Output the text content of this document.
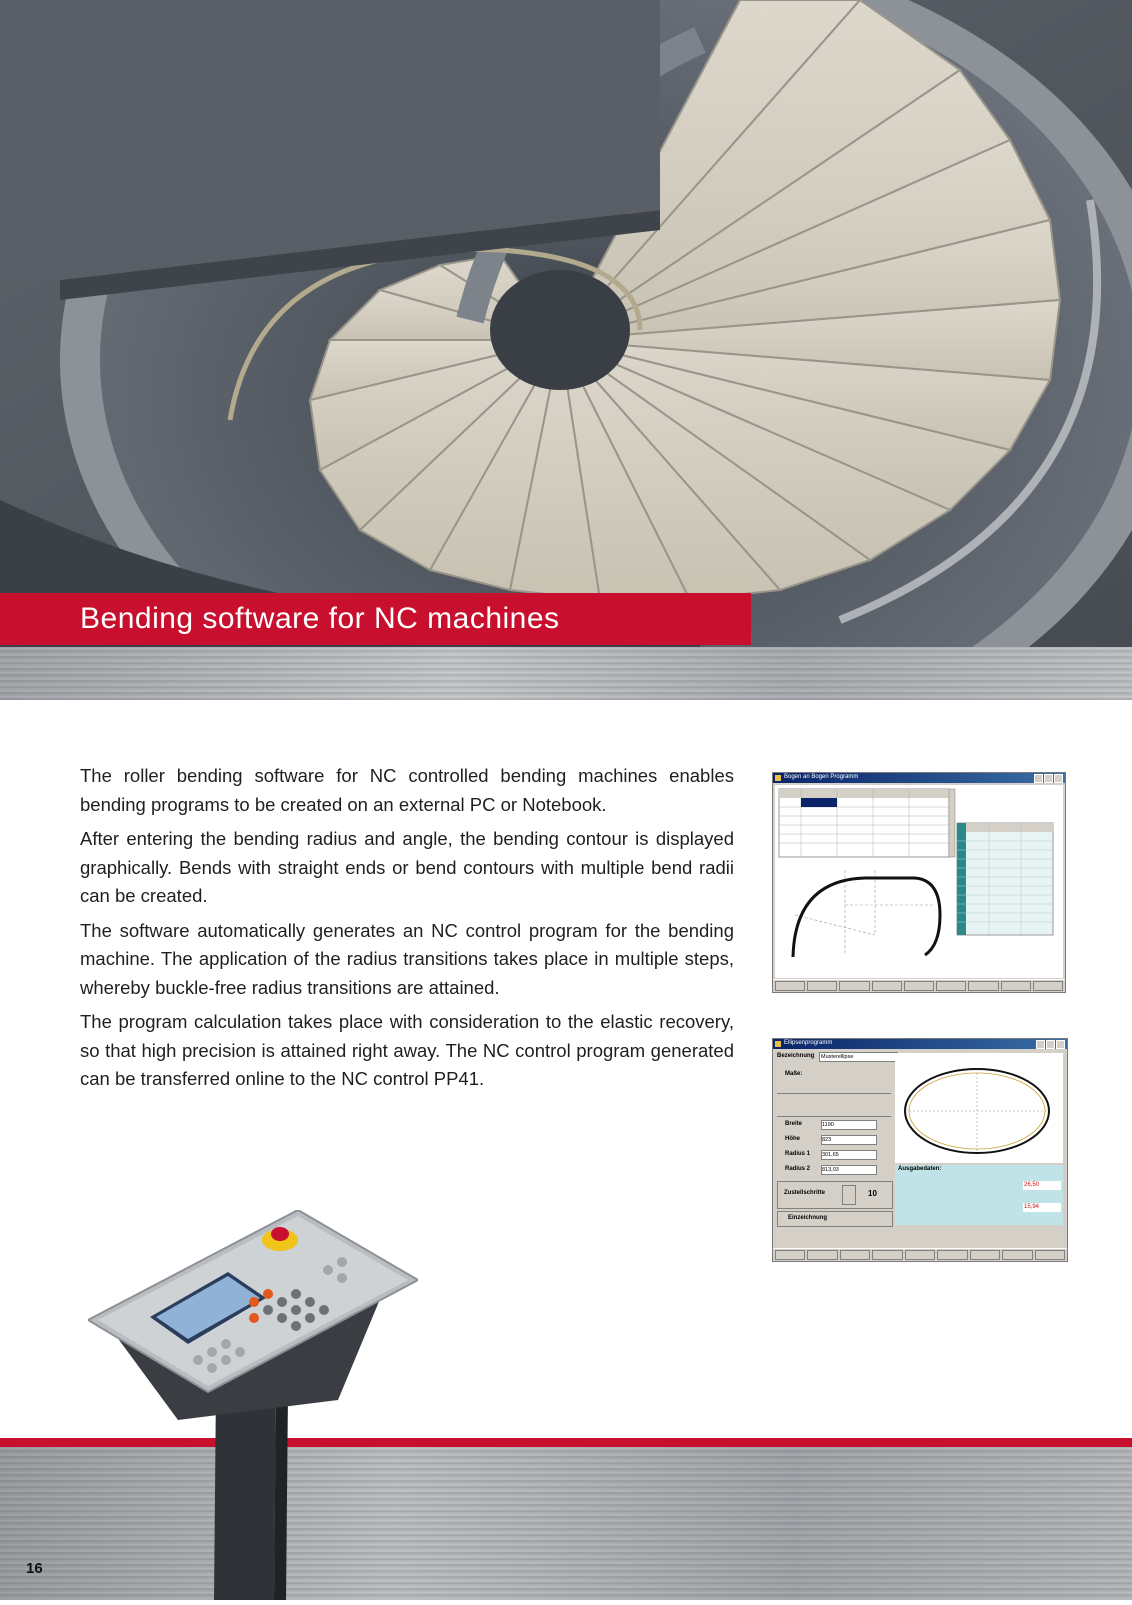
Bending software for NC machines

The roller bending software for NC controlled bending machines enables bending programs to be created on an external PC or Notebook.

After entering the bending radius and angle, the bending contour is displayed graphically. Bends with straight ends or bend contours with multiple bend radii can be created.

The software automatically generates an NC control program for the bending machine. The application of the radius transitions takes place in multiple steps, whereby buckle-free radius transitions are attained.

The program calculation takes place with consideration to the elastic recovery, so that high precision is attained right away. The NC control program generated can be transferred online to the NC control PP41.

Bogen an Bogen Programm
Ellipsenprogramm
Bezeichnung	Musterellipse
Maße:
Breite	1190
Höhe	823
Radius 1 301,65
Radius 2 813,03
Zustellschritte	10
Einzeichnung
Ausgabedaten:
26,50
15,94
16
